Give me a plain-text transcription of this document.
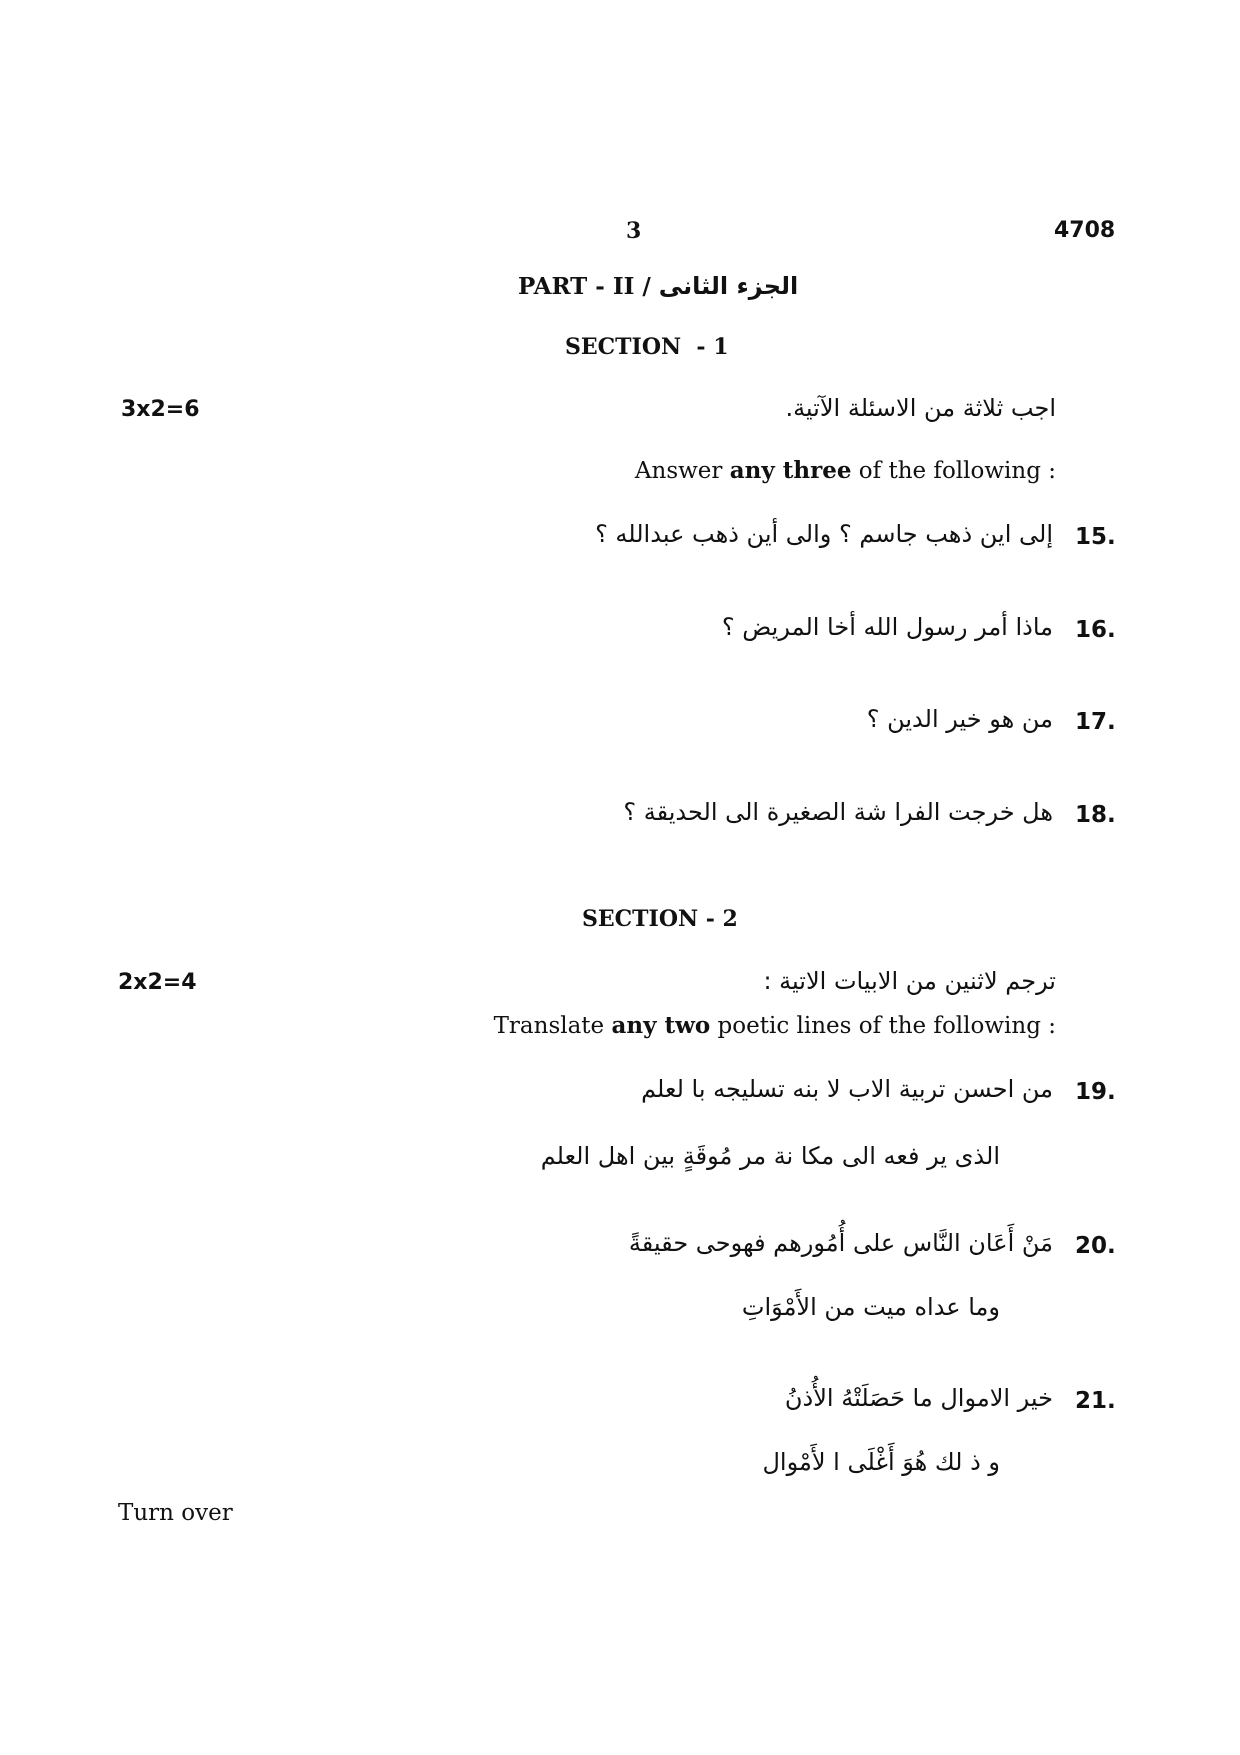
3	4708
PART - II / الجزء الثانى
SECTION  - 1
3x2=6	اجب ثلاثة من الاسئلة الآتية.
Answer any three of the following :
15.
إلى اين ذهب جاسم ؟ والى أين ذهب عبدالله ؟
16.
ماذا أمر رسول الله أخا المريض ؟
17.
من هو خير الدين ؟
18.
هل خرجت الفرا شة الصغيرة الى الحديقة ؟
SECTION - 2
2x2=4	ترجم لاثنين من الابيات الاتية :
Translate any two poetic lines of the following :
19.
من احسن تربية الاب لا بنه تسليجه با لعلم
الذى ير فعه الى مكا نة مر مُوقَةٍ بين اهل العلم
20.
مَنْ أَعَان النَّاس على أُمُورهم فهوحى حقيقةً
وما عداه ميت من الأَمْوَاتِ
21.
خير الاموال ما حَصَلَتْهُ الأُذنُ
و ذ لك هُوَ أَغْلَى ا لأَمْوال
Turn over
